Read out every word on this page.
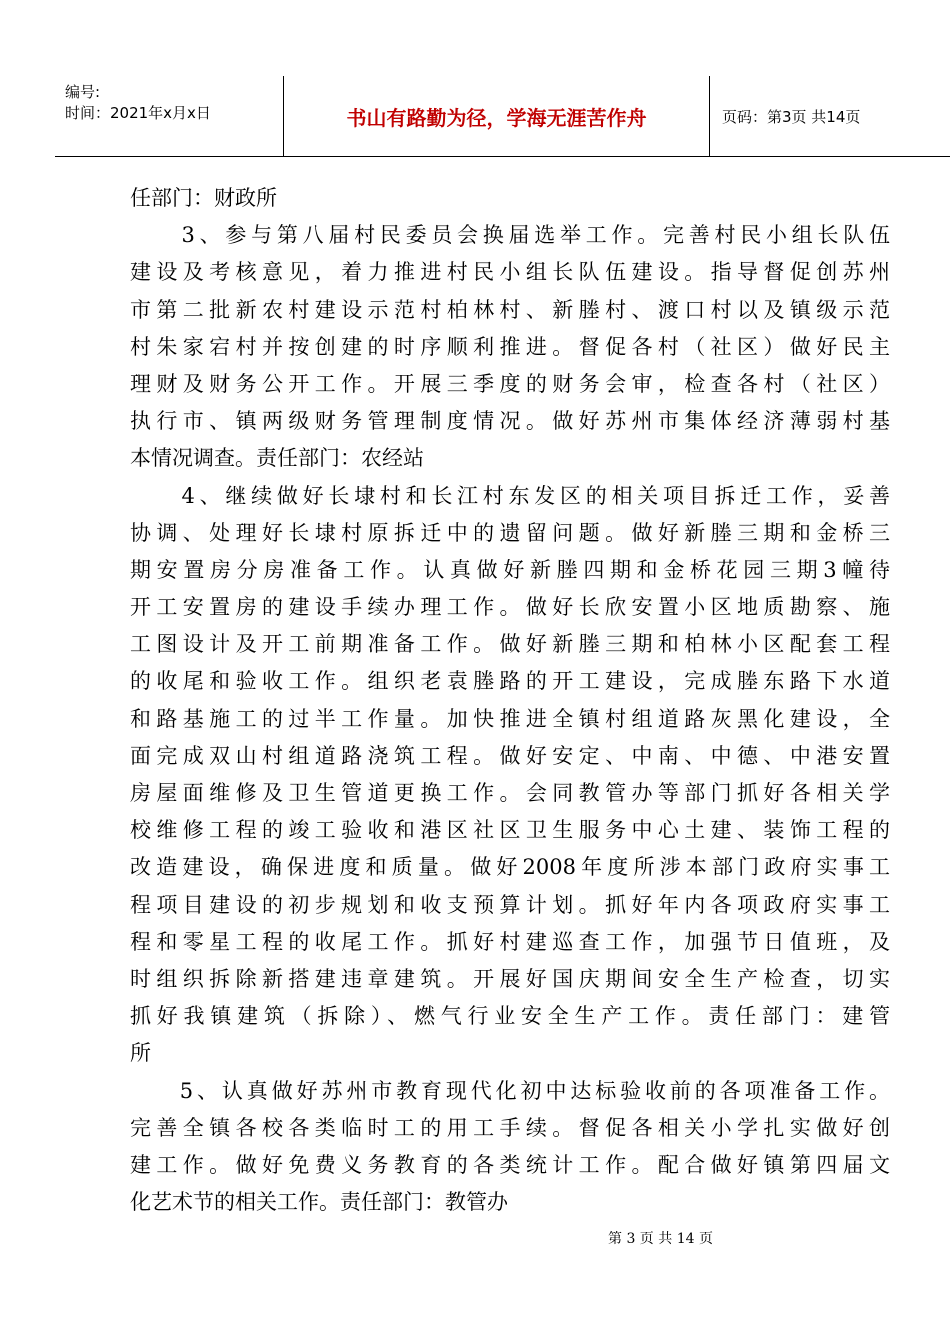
编号:
时间：2021年x月x日	书山有路勤为径，学海无涯苦作舟	页码：第3页 共14页
任部门：财政所
　　3、参与第八届村民委员会换届选举工作。完善村民小组长队伍
建设及考核意见，着力推进村民小组长队伍建设。指导督促创苏州
市第二批新农村建设示范村柏林村、新塍村、渡口村以及镇级示范
村朱家宕村并按创建的时序顺利推进。督促各村（社区）做好民主
理财及财务公开工作。开展三季度的财务会审，检查各村（社区）
执行市、镇两级财务管理制度情况。做好苏州市集体经济薄弱村基
本情况调查。责任部门：农经站
　　4、继续做好长埭村和长江村东发区的相关项目拆迁工作，妥善
协调、处理好长埭村原拆迁中的遗留问题。做好新塍三期和金桥三
期安置房分房准备工作。认真做好新塍四期和金桥花园三期3幢待
开工安置房的建设手续办理工作。做好长欣安置小区地质勘察、施
工图设计及开工前期准备工作。做好新塍三期和柏林小区配套工程
的收尾和验收工作。组织老袁塍路的开工建设，完成塍东路下水道
和路基施工的过半工作量。加快推进全镇村组道路灰黑化建设，全
面完成双山村组道路浇筑工程。做好安定、中南、中德、中港安置
房屋面维修及卫生管道更换工作。会同教管办等部门抓好各相关学
校维修工程的竣工验收和港区社区卫生服务中心土建、装饰工程的
改造建设，确保进度和质量。做好2008年度所涉本部门政府实事工
程项目建设的初步规划和收支预算计划。抓好年内各项政府实事工
程和零星工程的收尾工作。抓好村建巡查工作，加强节日值班，及
时组织拆除新搭建违章建筑。开展好国庆期间安全生产检查，切实
抓好我镇建筑（拆除）、燃气行业安全生产工作。责任部门：建管
所
　　5、认真做好苏州市教育现代化初中达标验收前的各项准备工作。
完善全镇各校各类临时工的用工手续。督促各相关小学扎实做好创
建工作。做好免费义务教育的各类统计工作。配合做好镇第四届文
化艺术节的相关工作。责任部门：教管办
第 3 页 共 14 页
